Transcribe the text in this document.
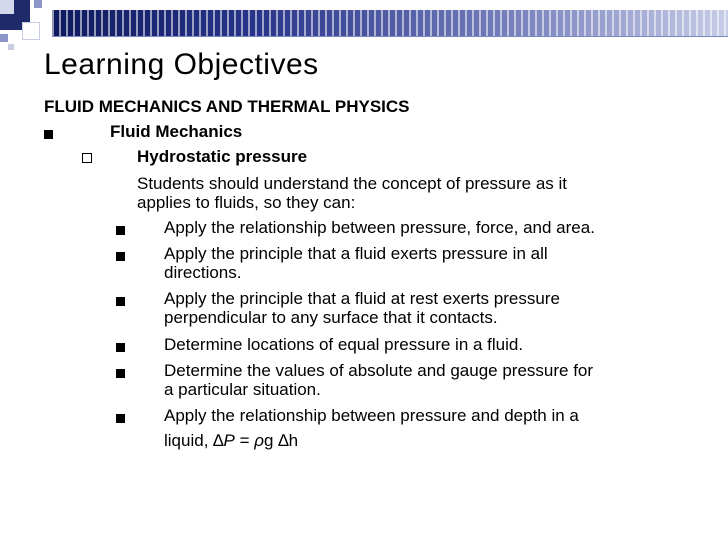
Learning Objectives
FLUID MECHANICS AND THERMAL PHYSICS
Fluid Mechanics
Hydrostatic pressure
Students should understand the concept of pressure as it
applies to fluids, so they can:
Apply the relationship between pressure, force, and area.
Apply the principle that a fluid exerts pressure in all
directions.
Apply the principle that a fluid at rest exerts pressure
perpendicular to any surface that it contacts.
Determine locations of equal pressure in a fluid.
Determine the values of absolute and gauge pressure for
a particular situation.
Apply the relationship between pressure and depth in a
liquid, ∆P = ρg ∆h
